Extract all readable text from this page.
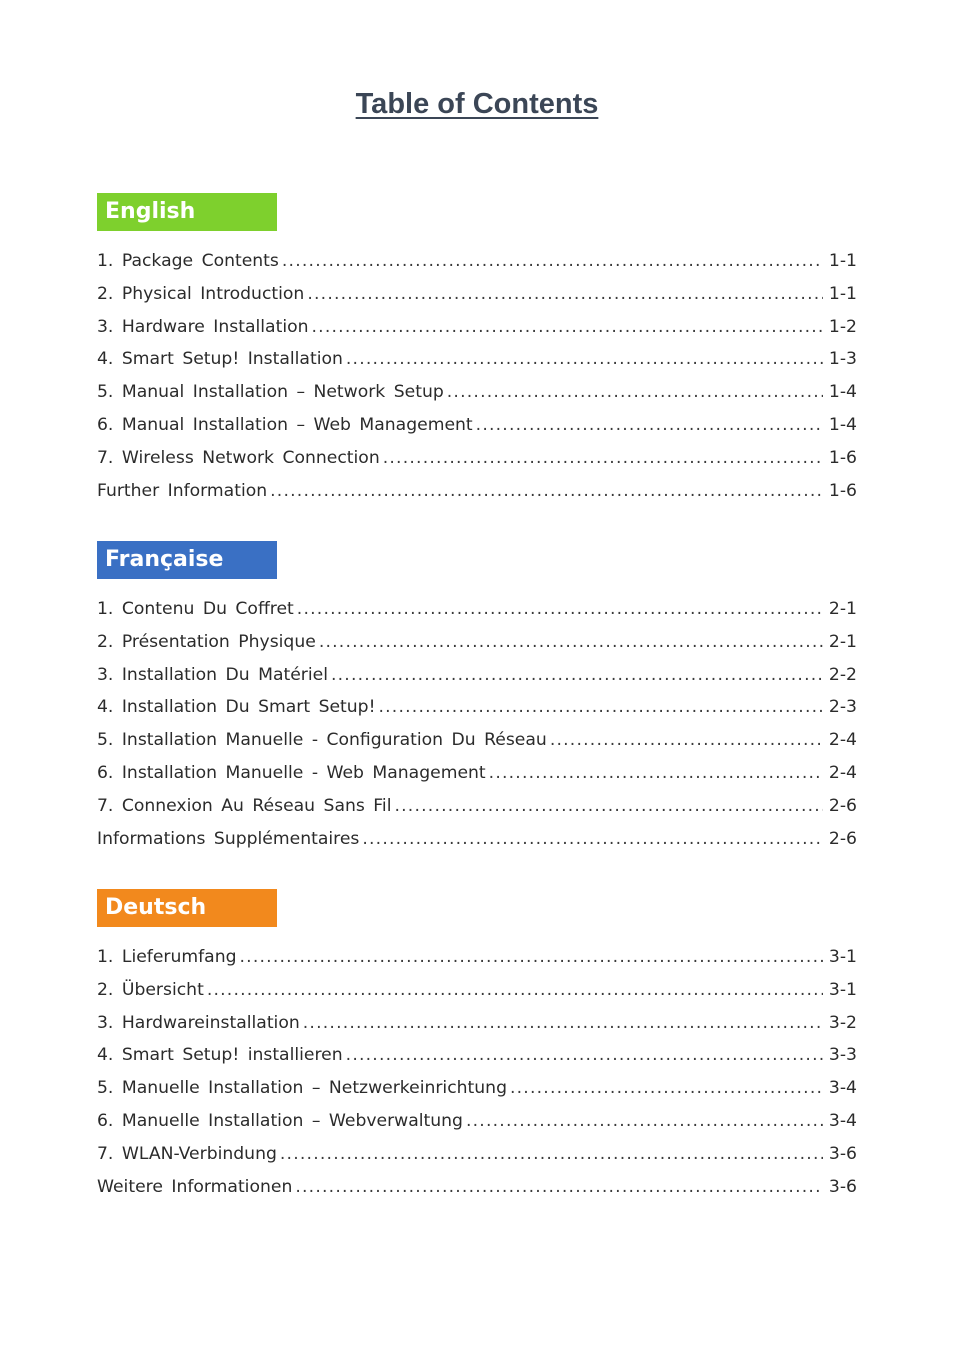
Table of Contents
English
1. Package Contents .....	1-1
2. Physical Introduction .....	1-1
3. Hardware Installation .....	1-2
4. Smart Setup! Installation .....	1-3
5. Manual Installation – Network Setup .....	1-4
6. Manual Installation – Web Management .....	1-4
7. Wireless Network Connection .....	1-6
Further Information .....	1-6
Française
1. Contenu Du Coffret .....	2-1
2. Présentation Physique .....	2-1
3. Installation Du Matériel .....	2-2
4. Installation Du Smart Setup! .....	2-3
5. Installation Manuelle - Configuration Du Réseau .....	2-4
6. Installation Manuelle - Web Management .....	2-4
7. Connexion Au Réseau Sans Fil .....	2-6
Informations Supplémentaires .....	2-6
Deutsch
1. Lieferumfang .....	3-1
2. Übersicht .....	3-1
3. Hardwareinstallation .....	3-2
4. Smart Setup! installieren .....	3-3
5. Manuelle Installation – Netzwerkeinrichtung .....	3-4
6. Manuelle Installation – Webverwaltung .....	3-4
7. WLAN-Verbindung .....	3-6
Weitere Informationen .....	3-6
